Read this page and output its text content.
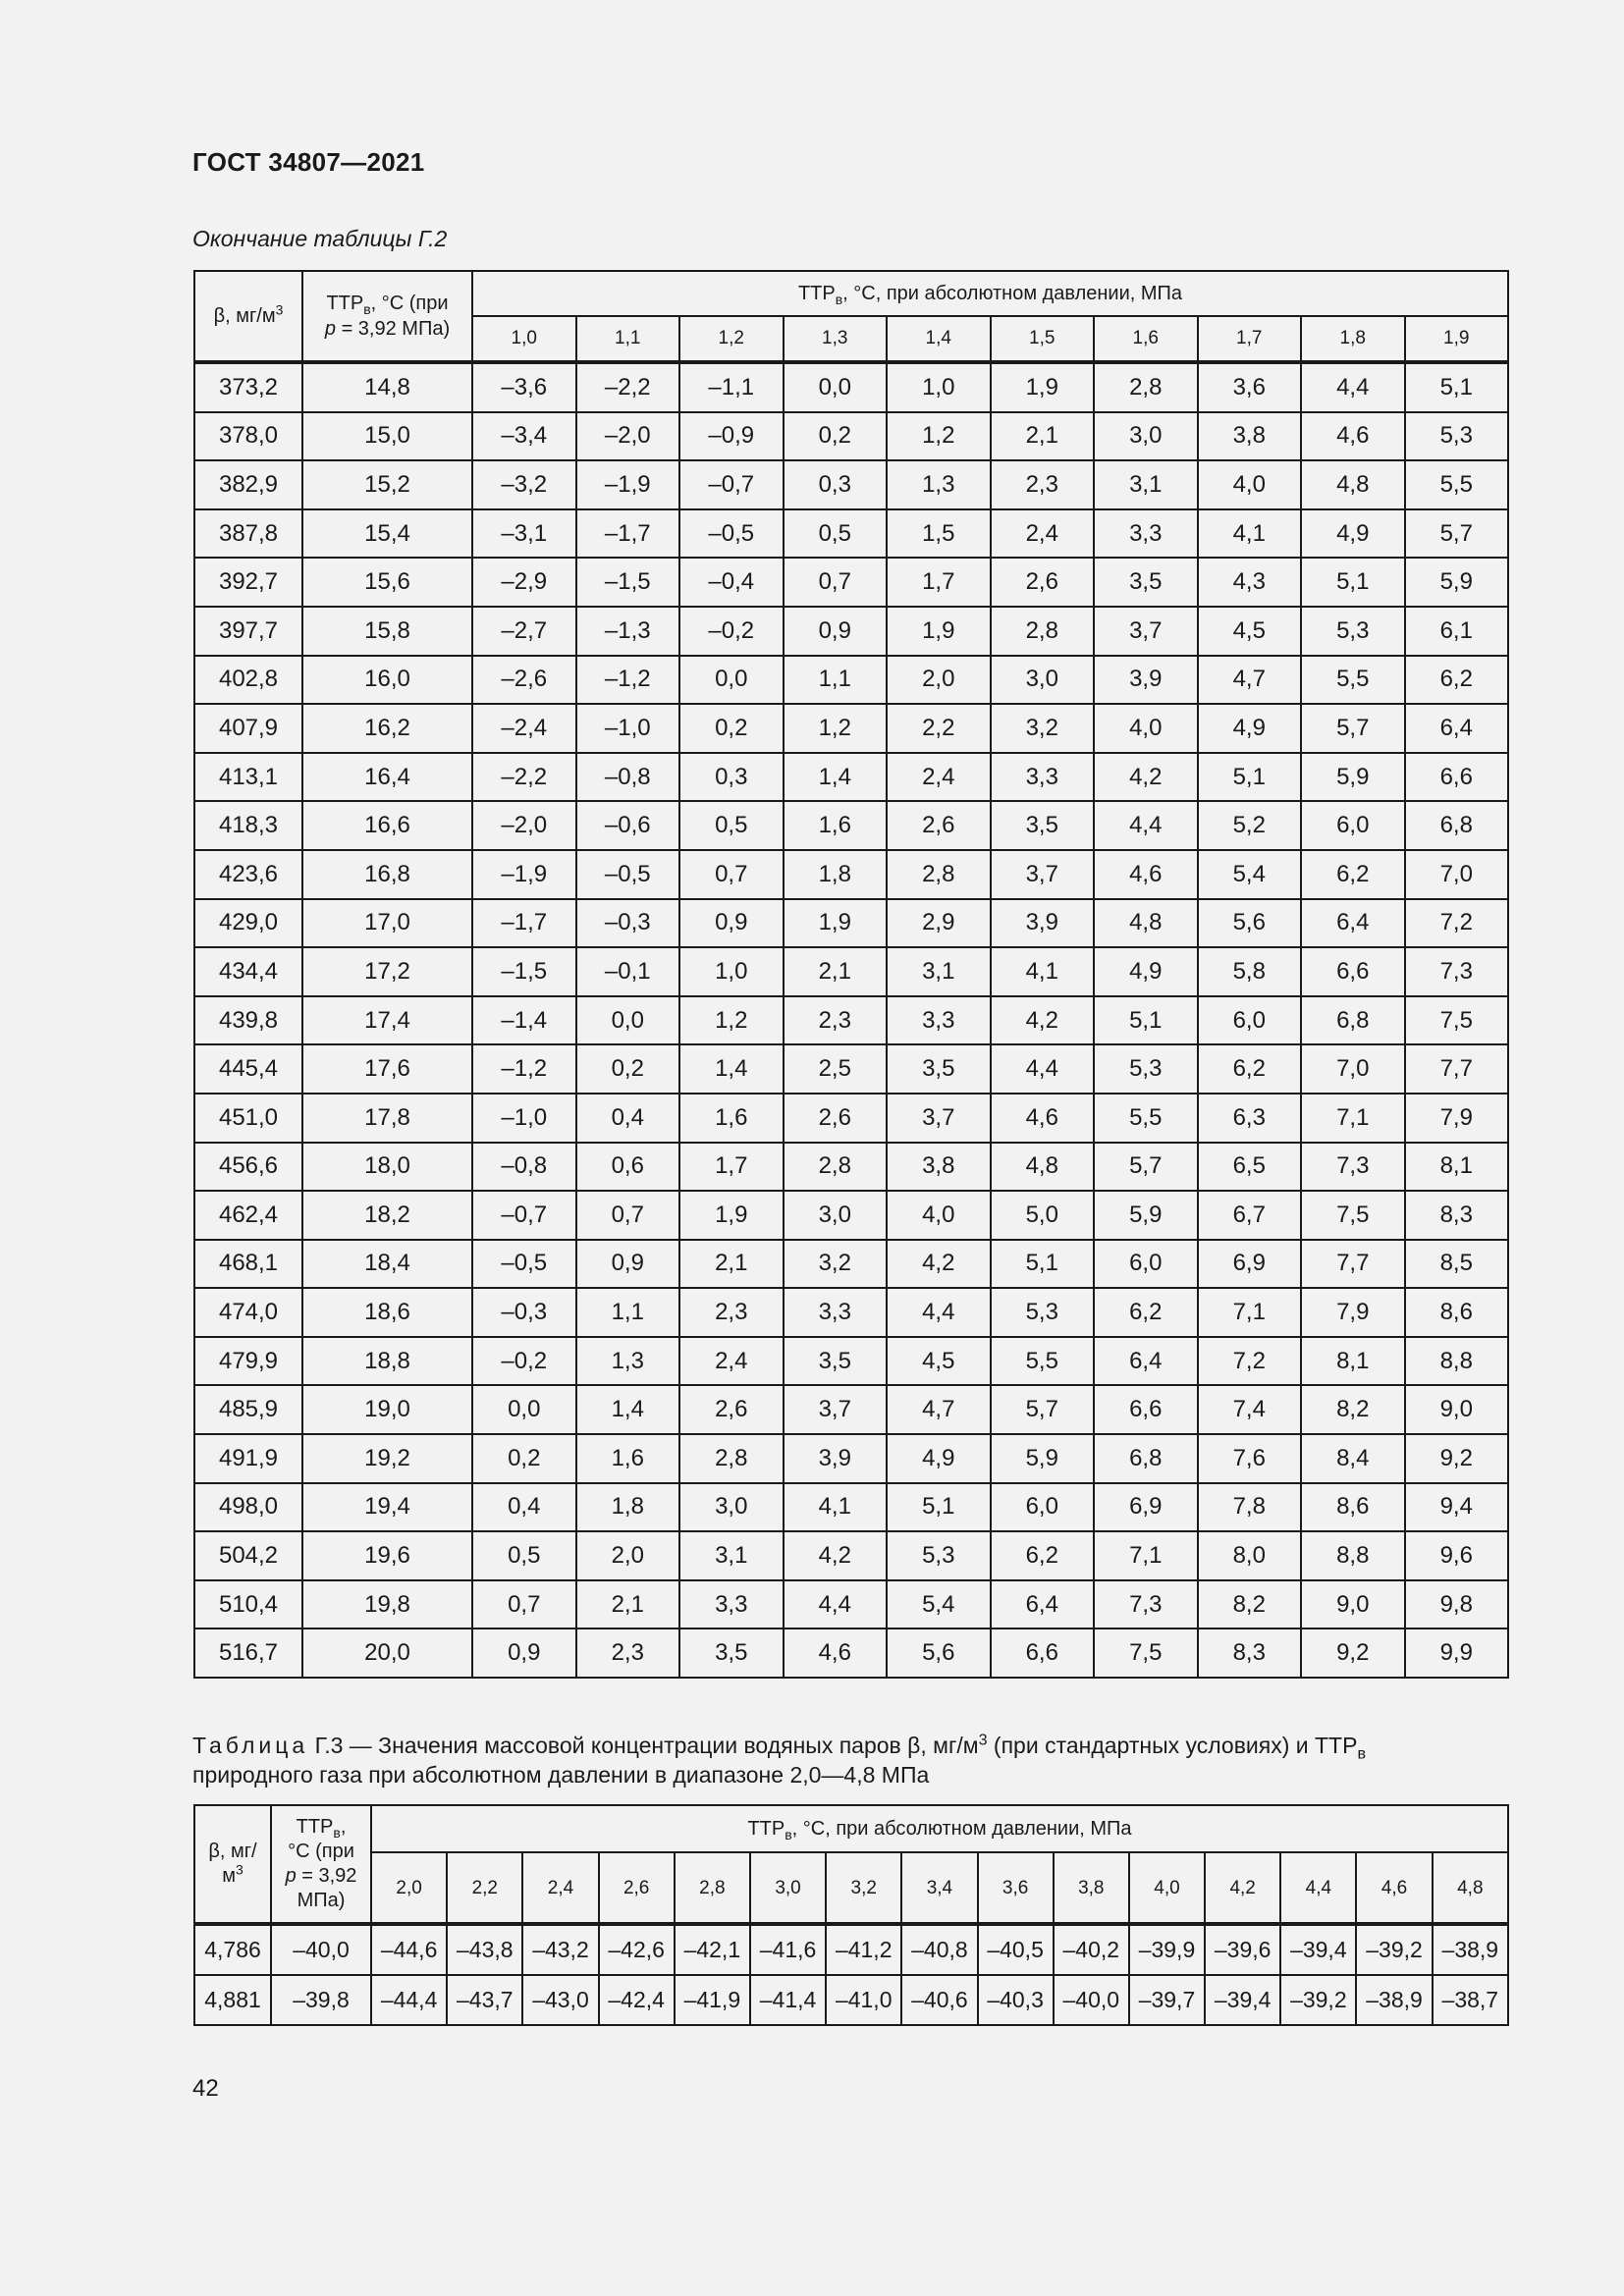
ГОСТ 34807—2021
Окончание таблицы Г.2
β, $мг/м^3$	$ТТР_в$, °С (при
р = 3,92 МПа)	$ТТР_в$, °С, при абсолютном давлении, МПа									
		1,0	1,1	1,2	1,3	1,4	1,5	1,6	1,7	1,8	1,9
373,2	14,8	–3,6	–2,2	–1,1	0,0	1,0	1,9	2,8	3,6	4,4	5,1
378,0	15,0	–3,4	–2,0	–0,9	0,2	1,2	2,1	3,0	3,8	4,6	5,3
382,9	15,2	–3,2	–1,9	–0,7	0,3	1,3	2,3	3,1	4,0	4,8	5,5
387,8	15,4	–3,1	–1,7	–0,5	0,5	1,5	2,4	3,3	4,1	4,9	5,7
392,7	15,6	–2,9	–1,5	–0,4	0,7	1,7	2,6	3,5	4,3	5,1	5,9
397,7	15,8	–2,7	–1,3	–0,2	0,9	1,9	2,8	3,7	4,5	5,3	6,1
402,8	16,0	–2,6	–1,2	0,0	1,1	2,0	3,0	3,9	4,7	5,5	6,2
407,9	16,2	–2,4	–1,0	0,2	1,2	2,2	3,2	4,0	4,9	5,7	6,4
413,1	16,4	–2,2	–0,8	0,3	1,4	2,4	3,3	4,2	5,1	5,9	6,6
418,3	16,6	–2,0	–0,6	0,5	1,6	2,6	3,5	4,4	5,2	6,0	6,8
423,6	16,8	–1,9	–0,5	0,7	1,8	2,8	3,7	4,6	5,4	6,2	7,0
429,0	17,0	–1,7	–0,3	0,9	1,9	2,9	3,9	4,8	5,6	6,4	7,2
434,4	17,2	–1,5	–0,1	1,0	2,1	3,1	4,1	4,9	5,8	6,6	7,3
439,8	17,4	–1,4	0,0	1,2	2,3	3,3	4,2	5,1	6,0	6,8	7,5
445,4	17,6	–1,2	0,2	1,4	2,5	3,5	4,4	5,3	6,2	7,0	7,7
451,0	17,8	–1,0	0,4	1,6	2,6	3,7	4,6	5,5	6,3	7,1	7,9
456,6	18,0	–0,8	0,6	1,7	2,8	3,8	4,8	5,7	6,5	7,3	8,1
462,4	18,2	–0,7	0,7	1,9	3,0	4,0	5,0	5,9	6,7	7,5	8,3
468,1	18,4	–0,5	0,9	2,1	3,2	4,2	5,1	6,0	6,9	7,7	8,5
474,0	18,6	–0,3	1,1	2,3	3,3	4,4	5,3	6,2	7,1	7,9	8,6
479,9	18,8	–0,2	1,3	2,4	3,5	4,5	5,5	6,4	7,2	8,1	8,8
485,9	19,0	0,0	1,4	2,6	3,7	4,7	5,7	6,6	7,4	8,2	9,0
491,9	19,2	0,2	1,6	2,8	3,9	4,9	5,9	6,8	7,6	8,4	9,2
498,0	19,4	0,4	1,8	3,0	4,1	5,1	6,0	6,9	7,8	8,6	9,4
504,2	19,6	0,5	2,0	3,1	4,2	5,3	6,2	7,1	8,0	8,8	9,6
510,4	19,8	0,7	2,1	3,3	4,4	5,4	6,4	7,3	8,2	9,0	9,8
516,7	20,0	0,9	2,3	3,5	4,6	5,6	6,6	7,5	8,3	9,2	9,9
Таблица Г.3 — Значения массовой концентрации водяных паров β, $мг/м^3$ (при стандартных условиях) и $ТТР_в$
природного газа при абсолютном давлении в диапазоне 2,0—4,8 МПа
β, мг/
$м^3$	$ТТР_в$,
°С (при
р = 3,92
МПа)	$ТТР_в$, °С, при абсолютном давлении, МПа														
		2,0	2,2	2,4	2,6	2,8	3,0	3,2	3,4	3,6	3,8	4,0	4,2	4,4	4,6	4,8
4,786	–40,0	–44,6	–43,8	–43,2	–42,6	–42,1	–41,6	–41,2	–40,8	–40,5	–40,2	–39,9	–39,6	–39,4	–39,2	–38,9
4,881	–39,8	–44,4	–43,7	–43,0	–42,4	–41,9	–41,4	–41,0	–40,6	–40,3	–40,0	–39,7	–39,4	–39,2	–38,9	–38,7
42
